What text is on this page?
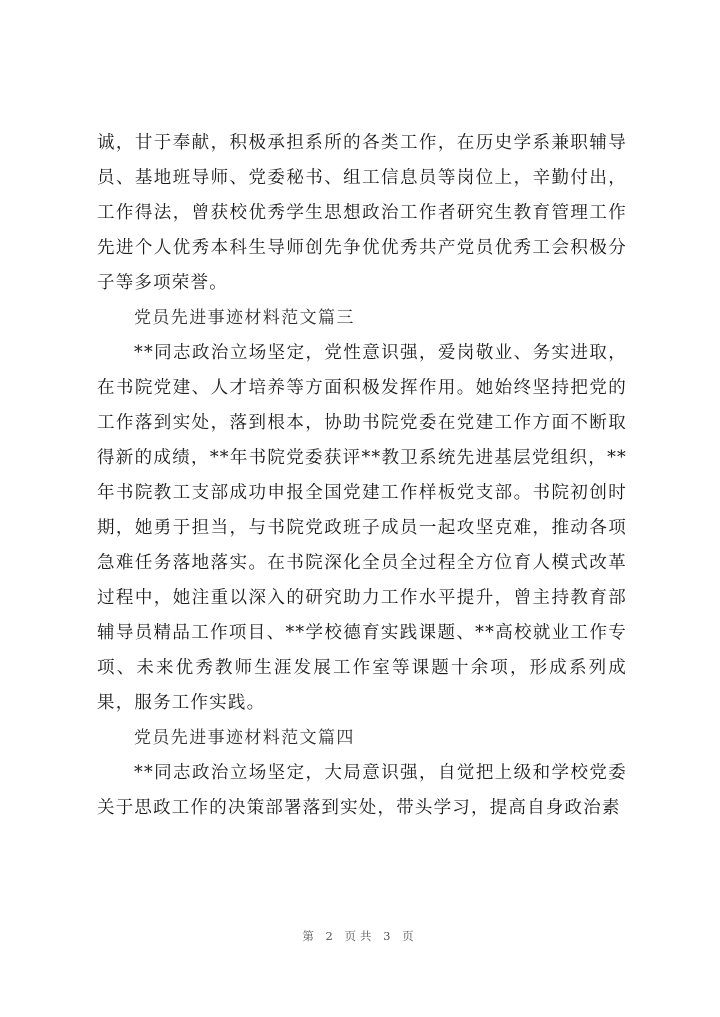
诚，甘于奉献，积极承担系所的各类工作，在历史学系兼职辅导员、基地班导师、党委秘书、组工信息员等岗位上，辛勤付出，工作得法，曾获校优秀学生思想政治工作者研究生教育管理工作先进个人优秀本科生导师创先争优优秀共产党员优秀工会积极分子等多项荣誉。

党员先进事迹材料范文篇三

**同志政治立场坚定，党性意识强，爱岗敬业、务实进取，在书院党建、人才培养等方面积极发挥作用。她始终坚持把党的工作落到实处，落到根本，协助书院党委在党建工作方面不断取得新的成绩，**年书院党委获评**教卫系统先进基层党组织，**年书院教工支部成功申报全国党建工作样板党支部。书院初创时期，她勇于担当，与书院党政班子成员一起攻坚克难，推动各项急难任务落地落实。在书院深化全员全过程全方位育人模式改革过程中，她注重以深入的研究助力工作水平提升，曾主持教育部辅导员精品工作项目、**学校德育实践课题、**高校就业工作专项、未来优秀教师生涯发展工作室等课题十余项，形成系列成果，服务工作实践。

党员先进事迹材料范文篇四

**同志政治立场坚定，大局意识强，自觉把上级和学校党委关于思政工作的决策部署落到实处，带头学习，提高自身政治素

第 2 页共 3 页
